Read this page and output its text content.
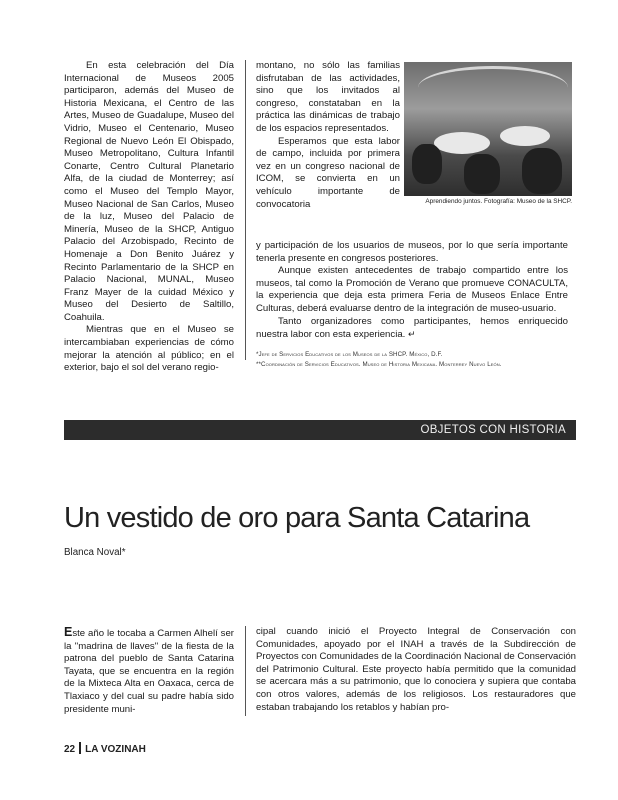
En esta celebración del Día Internacional de Museos 2005 participaron, además del Museo de Historia Mexicana, el Centro de las Artes, Museo de Guadalupe, Museo del Vidrio, Museo el Centenario, Museo Regional de Nuevo León El Obispado, Museo Metropolitano, Cultura Infantil Conarte, Centro Cultural Planetario Alfa, de la ciudad de Monterrey; así como el Museo del Templo Mayor, Museo Nacional de San Carlos, Museo de la luz, Museo del Palacio de Minería, Museo de la SHCP, Antiguo Palacio del Arzobispado, Recinto de Homenaje a Don Benito Juárez y Recinto Parlamentario de la SHCP en Palacio Nacional, MUNAL, Museo Franz Mayer de la cuidad México y Museo del Desierto de Saltillo, Coahuila.

Mientras que en el Museo se intercambiaban experiencias de cómo mejorar la atención al público; en el exterior, bajo el sol del verano regio-

montano, no sólo las familias disfrutaban de las actividades, sino que los invitados al congreso, constataban en la práctica las dinámicas de trabajo de los espacios representados.

Esperamos que esta labor de campo, incluida por primera vez en un congreso nacional de ICOM, se convierta en un vehículo importante de convocatoria	Aprendiendo juntos. Fotografía: Museo de la SHCP.

y participación de los usuarios de museos, por lo que sería importante tenerla presente en congresos posteriores.

Aunque existen antecedentes de trabajo compartido entre los museos, tal como la Promoción de Verano que promueve CONACULTA, la experiencia que deja esta primera Feria de Museos Enlace Entre Culturas, deberá evaluarse dentro de la integración de museo-usuario.

Tanto organizadores como participantes, hemos enriquecido nuestra labor con esta experiencia. ↵

*Jefe de Servicios Educativos de los Museos de la SHCP. México, D.F.
**Coordinación de Servicios Educativos. Museo de Historia Mexicana. Monterrey Nuevo León.
OBJETOS CON HISTORIA
Un vestido de oro para Santa Catarina
Blanca Noval*

Este año le tocaba a Carmen Alhelí ser la "madrina de llaves" de la fiesta de la patrona del pueblo de Santa Catarina Tayata, que se encuentra en la región de la Mixteca Alta en Oaxaca, cerca de Tlaxiaco y del cual su padre había sido presidente muni-

cipal cuando inició el Proyecto Integral de Conservación con Comunidades, apoyado por el INAH a través de la Subdirección de Proyectos con Comunidades de la Coordinación Nacional de Conservación del Patrimonio Cultural. Este proyecto había permitido que la comunidad se acercara más a su patrimonio, que lo conociera y supiera que contaba con otros valores, además de los religiosos. Los restauradores que estaban trabajando los retablos y habían pro-

22 LA VOZINAH
